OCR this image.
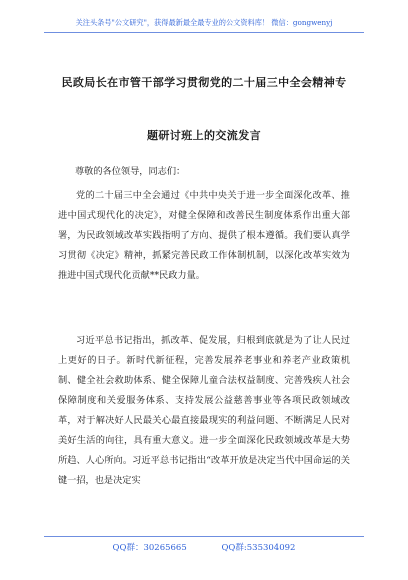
关注头条号"公文研究"，获得最新最全最专业的公文资料库！ 微信：gongwenyj
民政局长在市管干部学习贯彻党的二十届三中全会精神专
题研讨班上的交流发言
尊敬的各位领导，同志们：
党的二十届三中全会通过《中共中央关于进一步全面深化改革、推进中国式现代化的决定》，对健全保障和改善民生制度体系作出重大部署，为民政领域改革实践指明了方向、提供了根本遵循。我们要认真学习贯彻《决定》精神，抓紧完善民政工作体制机制，以深化改革实效为推进中国式现代化贡献**民政力量。
习近平总书记指出，抓改革、促发展，归根到底就是为了让人民过上更好的日子。新时代新征程，完善发展养老事业和养老产业政策机制、健全社会救助体系、健全保障儿童合法权益制度、完善残疾人社会保障制度和关爱服务体系、支持发展公益慈善事业等各项民政领域改革，对于解决好人民最关心最直接最现实的利益问题、不断满足人民对美好生活的向往，具有重大意义。进一步全面深化民政领域改革是大势所趋、人心所向。习近平总书记指出“改革开放是决定当代中国命运的关键一招，也是决定实
QQ群：30265665	QQ群:535304092
